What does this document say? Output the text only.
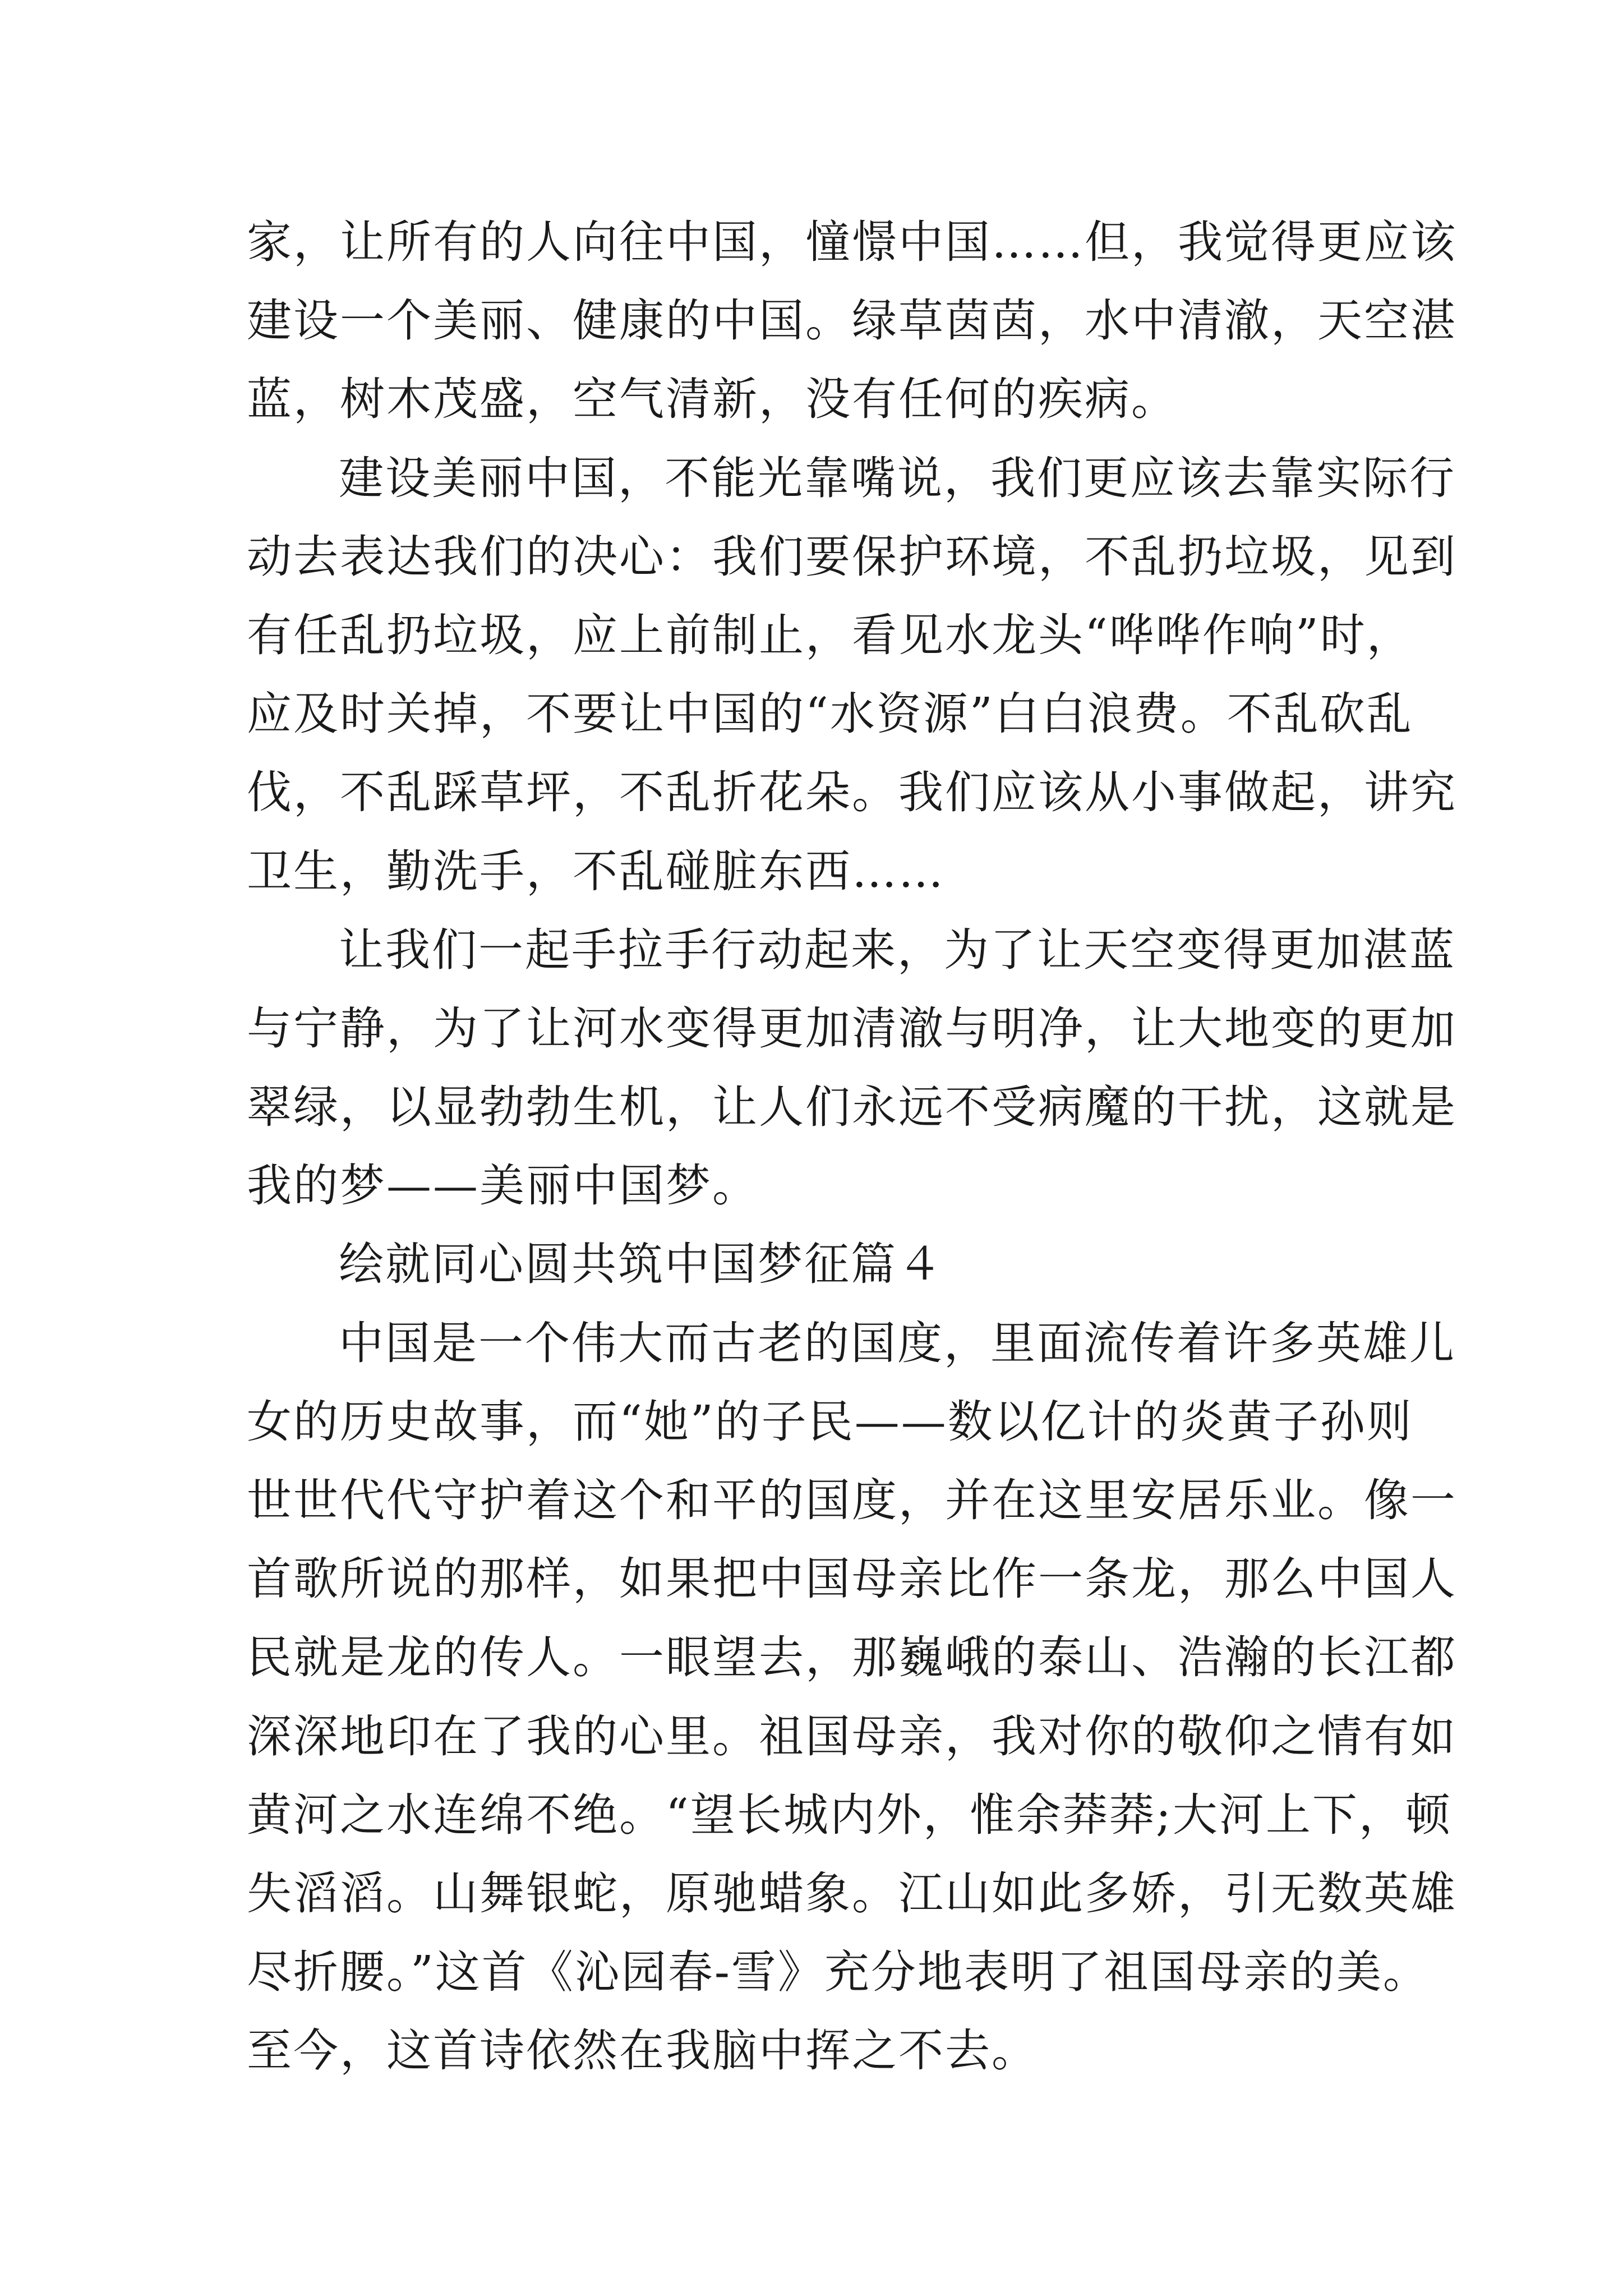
家，让所有的人向往中国，憧憬中国……但，我觉得更应该
建设一个美丽、健康的中国。绿草茵茵，水中清澈，天空湛
蓝，树木茂盛，空气清新，没有任何的疾病。
建设美丽中国，不能光靠嘴说，我们更应该去靠实际行
动去表达我们的决心：我们要保护环境，不乱扔垃圾，见到
有任乱扔垃圾，应上前制止，看见水龙头“哗哗作响”时，
应及时关掉，不要让中国的“水资源”白白浪费。不乱砍乱
伐，不乱踩草坪，不乱折花朵。我们应该从小事做起，讲究
卫生，勤洗手，不乱碰脏东西……
让我们一起手拉手行动起来，为了让天空变得更加湛蓝
与宁静，为了让河水变得更加清澈与明净，让大地变的更加
翠绿，以显勃勃生机，让人们永远不受病魔的干扰，这就是
我的梦——美丽中国梦。
绘就同心圆共筑中国梦征篇４
中国是一个伟大而古老的国度，里面流传着许多英雄儿
女的历史故事，而“她”的子民——数以亿计的炎黄子孙则
世世代代守护着这个和平的国度，并在这里安居乐业。像一
首歌所说的那样，如果把中国母亲比作一条龙，那么中国人
民就是龙的传人。一眼望去，那巍峨的泰山、浩瀚的长江都
深深地印在了我的心里。祖国母亲，我对你的敬仰之情有如
黄河之水连绵不绝。“望长城内外，惟余莽莽;大河上下，顿
失滔滔。山舞银蛇，原驰蜡象。江山如此多娇，引无数英雄
尽折腰。”这首《沁园春-雪》充分地表明了祖国母亲的美。
至今，这首诗依然在我脑中挥之不去。
